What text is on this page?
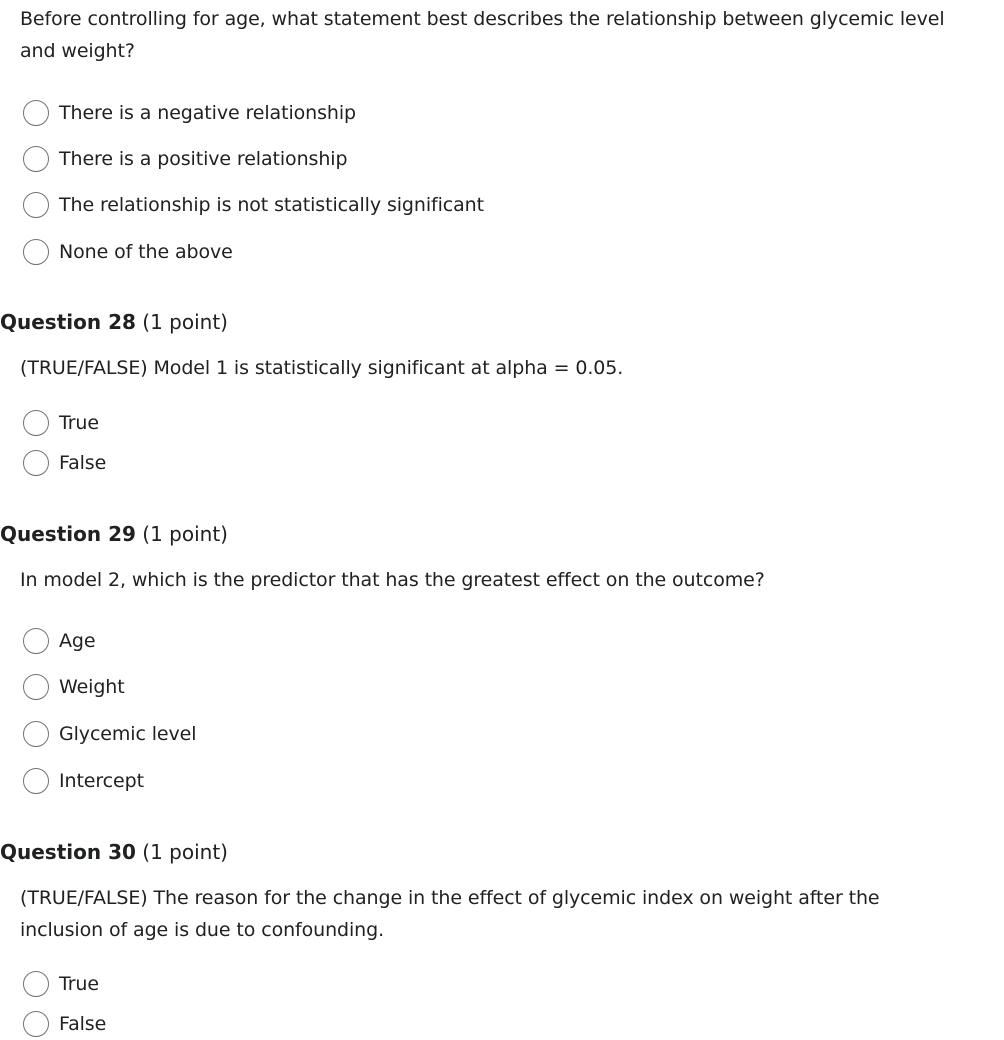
Before controlling for age, what statement best describes the relationship between glycemic level and weight?
There is a negative relationship
There is a positive relationship
The relationship is not statistically significant
None of the above
Question 28 (1 point)
(TRUE/FALSE) Model 1 is statistically significant at alpha = 0.05.
True
False
Question 29 (1 point)
In model 2, which is the predictor that has the greatest effect on the outcome?
Age
Weight
Glycemic level
Intercept
Question 30 (1 point)
(TRUE/FALSE) The reason for the change in the effect of glycemic index on weight after the inclusion of age is due to confounding.
True
False
